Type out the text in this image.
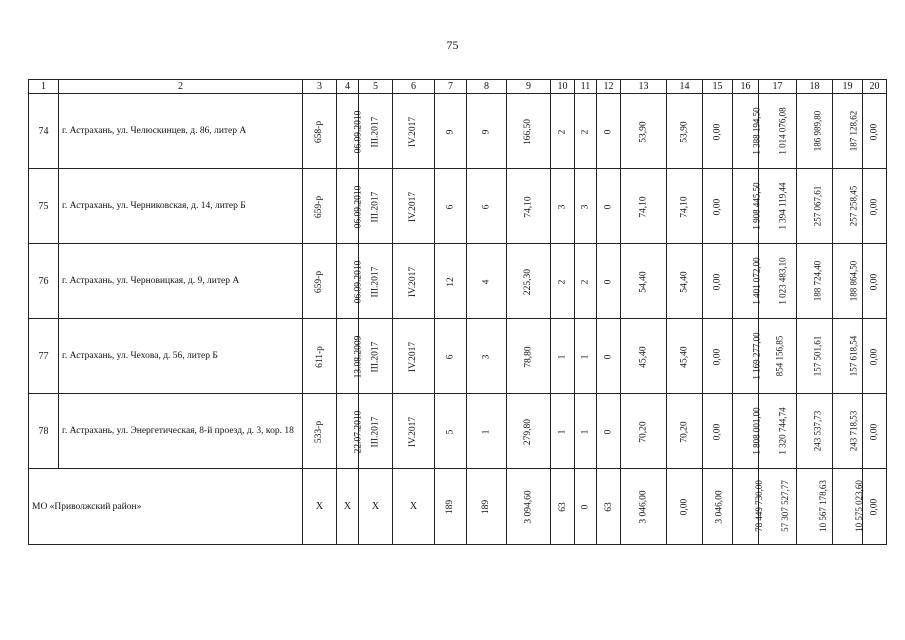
75
1	2	3	4	5	6	7	8	9	10	11	12	13	14	15	16	17	18	19	20
74	г. Астрахань, ул. Челюскинцев, д. 86, литер А	658-р	06.09.2010	III.2017	IV.2017	9	9	166,50	2	2	0	53,90	53,90	0,00	1 388 194,50	1 014 076,08	186 989,80	187 128,62	0,00
75	г. Астрахань, ул. Черниковская, д. 14, литер Б	659-р	06.09.2010	III.2017	IV.2017	6	6	74,10	3	3	0	74,10	74,10	0,00	1 908 445,50	1 394 119,44	257 067,61	257 258,45	0,00
76	г. Астрахань, ул. Черновицкая, д. 9, литер А	659-р	06.09.2010	III.2017	IV.2017	12	4	225,30	2	2	0	54,40	54,40	0,00	1 401 072,00	1 023 483,10	188 724,40	188 864,50	0,00
77	г. Астрахань, ул. Чехова, д. 56, литер Б	611-р	13.08.2009	III.2017	IV.2017	6	3	78,80	1	1	0	45,40	45,40	0,00	1 169 277,00	854 156,85	157 501,61	157 618,54	0,00
78	г. Астрахань, ул. Энергетическая, 8-й проезд, д. 3, кор. 18	533-р	22.07.2010	III.2017	IV.2017	5	1	279,80	1	1	0	70,20	70,20	0,00	1 808 001,00	1 320 744,74	243 537,73	243 718,53	0,00
МО «Приволжский район»		Х	Х	Х	Х	189	189	3 094,60	63	0	63	3 046,00	0,00	3 046,00	78 449 730,00	57 307 527,77	10 567 178,63	10 575 023,60	0,00
